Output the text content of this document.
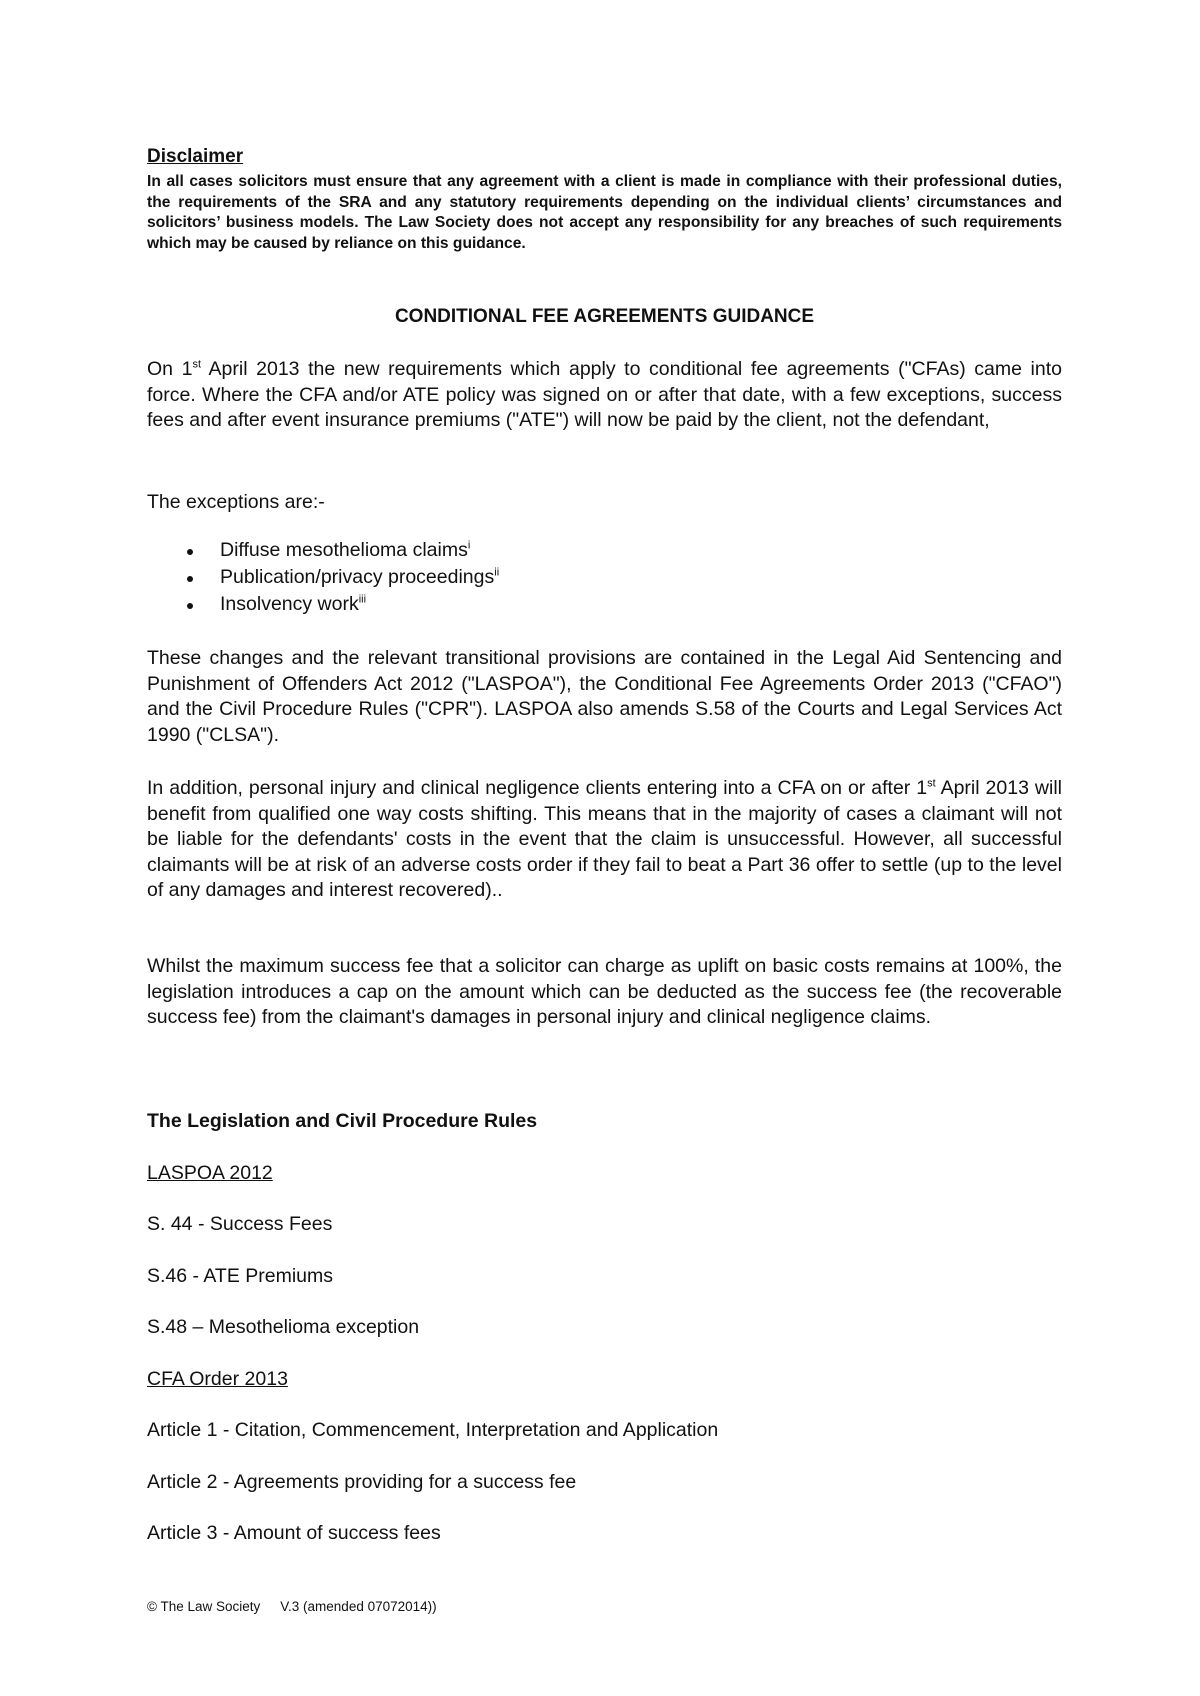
Disclaimer

In all cases solicitors must ensure that any agreement with a client is made in compliance with their professional duties, the requirements of the SRA and any statutory requirements depending on the individual clients’ circumstances and solicitors’ business models. The Law Society does not accept any responsibility for any breaches of such requirements which may be caused by reliance on this guidance.

CONDITIONAL FEE AGREEMENTS GUIDANCE

On 1st April 2013 the new requirements which apply to conditional fee agreements ("CFAs) came into force. Where the CFA and/or ATE policy was signed on or after that date, with a few exceptions, success fees and after event insurance premiums ("ATE") will now be paid by the client, not the defendant,

The exceptions are:-

Diffuse mesothelioma claims$^i$
Publication/privacy proceedings$^{ii}$
Insolvency work$^{iii}$

These changes and the relevant transitional provisions are contained in the Legal Aid Sentencing and Punishment of Offenders Act 2012 ("LASPOA"), the Conditional Fee Agreements Order 2013 ("CFAO") and the Civil Procedure Rules ("CPR"). LASPOA also amends S.58 of the Courts and Legal Services Act 1990 ("CLSA").

In addition, personal injury and clinical negligence clients entering into a CFA on or after 1st April 2013 will benefit from qualified one way costs shifting. This means that in the majority of cases a claimant will not be liable for the defendants' costs in the event that the claim is unsuccessful. However, all successful claimants will be at risk of an adverse costs order if they fail to beat a Part 36 offer to settle (up to the level of any damages and interest recovered)..

Whilst the maximum success fee that a solicitor can charge as uplift on basic costs remains at 100%, the legislation introduces a cap on the amount which can be deducted as the success fee (the recoverable success fee) from the claimant's damages in personal injury and clinical negligence claims.

The Legislation and Civil Procedure Rules

LASPOA 2012

S. 44 - Success Fees

S.46 - ATE Premiums

S.48 – Mesothelioma exception

CFA Order 2013

Article 1 - Citation, Commencement, Interpretation and Application

Article 2 - Agreements providing for a success fee

Article 3 - Amount of success fees

© The Law Society V.3 (amended 07072014))
